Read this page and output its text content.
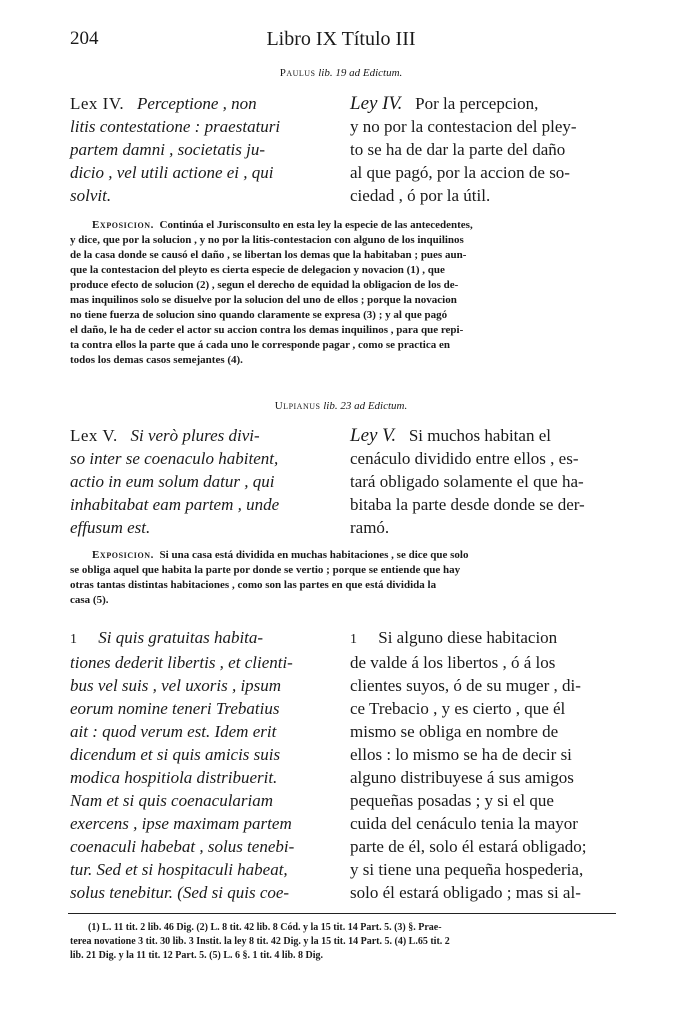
204	Libro IX Título III
Paulus lib. 19 ad Edictum.
Lex IV. Perceptione , non
litis contestatione : praestaturi
partem damni , societatis ju-
dicio , vel utili actione ei , qui
solvit.
Ley IV. Por la percepcion,
y no por la contestacion del pley-
to se ha de dar la parte del daño
al que pagó, por la accion de so-
ciedad , ó por la útil.
Exposicion. Continúa el Jurisconsulto en esta ley la especie de las antecedentes,
y dice, que por la solucion , y no por la litis-contestacion con alguno de los inquilinos
de la casa donde se causó el daño , se libertan los demas que la habitaban ; pues aun-
que la contestacion del pleyto es cierta especie de delegacion y novacion (1) , que
produce efecto de solucion (2) , segun el derecho de equidad la obligacion de los de-
mas inquilinos solo se disuelve por la solucion del uno de ellos ; porque la novacion
no tiene fuerza de solucion sino quando claramente se expresa (3) ; y al que pagó
el daño, le ha de ceder el actor su accion contra los demas inquilinos , para que repi-
ta contra ellos la parte que á cada uno le corresponde pagar , como se practica en
todos los demas casos semejantes (4).
Ulpianus lib. 23 ad Edictum.
Lex V. Si verò plures divi-
so inter se coenaculo habitent,
actio in eum solum datur , qui
inhabitabat eam partem , unde
effusum est.
Ley V. Si muchos habitan el
cenáculo dividido entre ellos , es-
tará obligado solamente el que ha-
bitaba la parte desde donde se der-
ramó.
Exposicion. Si una casa está dividida en muchas habitaciones , se dice que solo
se obliga aquel que habita la parte por donde se vertio ; porque se entiende que hay
otras tantas distintas habitaciones , como son las partes en que está dividida la
casa (5).
1 Si quis gratuitas habita-
tiones dederit libertis , et clienti-
bus vel suis , vel uxoris , ipsum
eorum nomine teneri Trebatius
ait : quod verum est. Idem erit
dicendum et si quis amicis suis
modica hospitiola distribuerit.
Nam et si quis coenaculariam
exercens , ipse maximam partem
coenaculi habebat , solus tenebi-
tur. Sed et si hospitaculi habeat,
solus tenebitur. (Sed si quis coe-
1 Si alguno diese habitacion
de valde á los libertos , ó á los
clientes suyos, ó de su muger , di-
ce Trebacio , y es cierto , que él
mismo se obliga en nombre de
ellos : lo mismo se ha de decir si
alguno distribuyese á sus amigos
pequeñas posadas ; y si el que
cuida del cenáculo tenia la mayor
parte de él, solo él estará obligado;
y si tiene una pequeña hospederia,
solo él estará obligado ; mas si al-
(1) L. 11 tit. 2 lib. 46 Dig. (2) L. 8 tit. 42 lib. 8 Cód. y la 15 tit. 14 Part. 5. (3) §. Prae-
terea novatione 3 tit. 30 lib. 3 Instit. la ley 8 tit. 42 Dig. y la 15 tit. 14 Part. 5. (4) L.65 tit. 2
lib. 21 Dig. y la 11 tit. 12 Part. 5. (5) L. 6 §. 1 tit. 4 lib. 8 Dig.
